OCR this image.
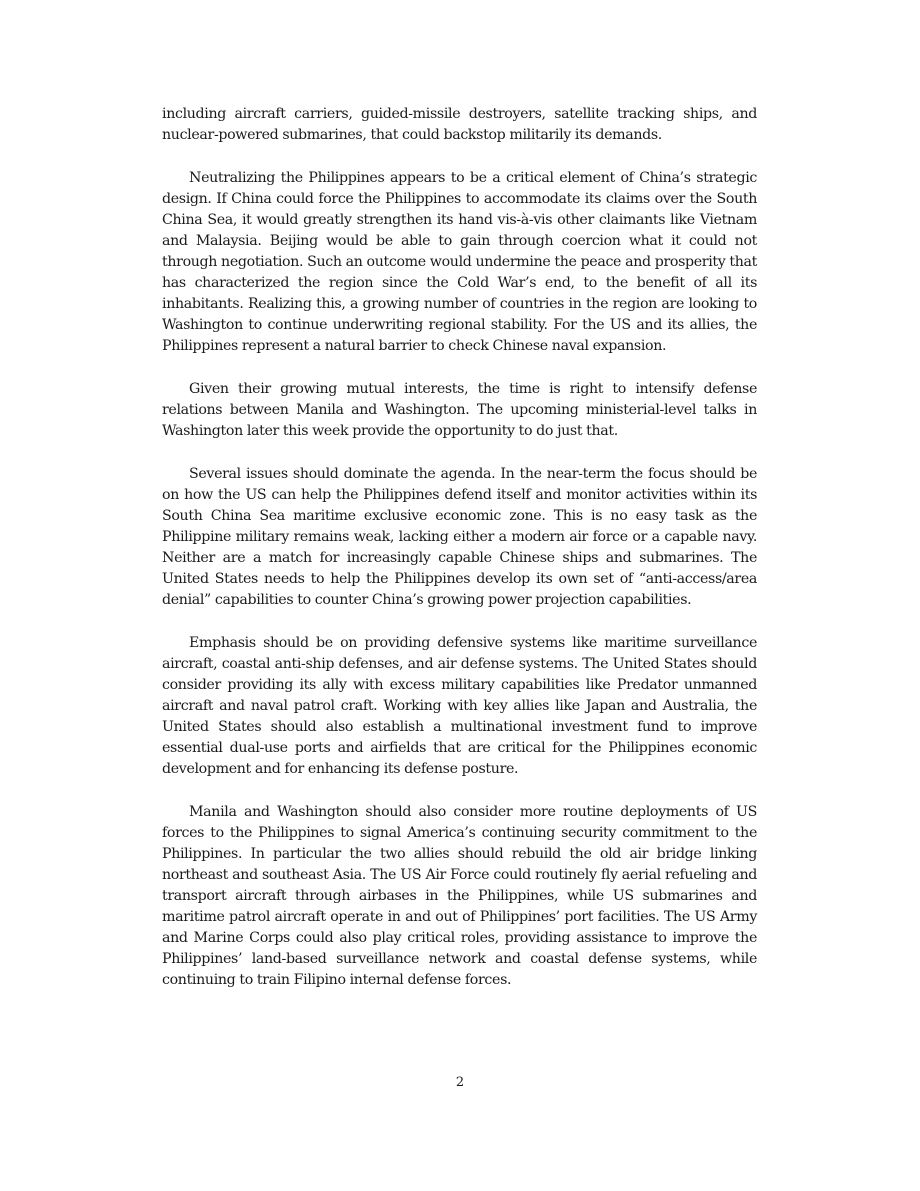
including aircraft carriers, guided-missile destroyers, satellite tracking ships, and nuclear-powered submarines, that could backstop militarily its demands.

Neutralizing the Philippines appears to be a critical element of China’s strategic design. If China could force the Philippines to accommodate its claims over the South China Sea, it would greatly strengthen its hand vis-à-vis other claimants like Vietnam and Malaysia. Beijing would be able to gain through coercion what it could not through negotiation. Such an outcome would undermine the peace and prosperity that has characterized the region since the Cold War’s end, to the benefit of all its inhabitants. Realizing this, a growing number of countries in the region are looking to Washington to continue underwriting regional stability. For the US and its allies, the Philippines represent a natural barrier to check Chinese naval expansion.

Given their growing mutual interests, the time is right to intensify defense relations between Manila and Washington. The upcoming ministerial-level talks in Washington later this week provide the opportunity to do just that.

Several issues should dominate the agenda. In the near-term the focus should be on how the US can help the Philippines defend itself and monitor activities within its South China Sea maritime exclusive economic zone. This is no easy task as the Philippine military remains weak, lacking either a modern air force or a capable navy. Neither are a match for increasingly capable Chinese ships and submarines. The United States needs to help the Philippines develop its own set of “anti-access/area denial” capabilities to counter China’s growing power projection capabilities.

Emphasis should be on providing defensive systems like maritime surveillance aircraft, coastal anti-ship defenses, and air defense systems. The United States should consider providing its ally with excess military capabilities like Predator unmanned aircraft and naval patrol craft. Working with key allies like Japan and Australia, the United States should also establish a multinational investment fund to improve essential dual-use ports and airfields that are critical for the Philippines economic development and for enhancing its defense posture.

Manila and Washington should also consider more routine deployments of US forces to the Philippines to signal America’s continuing security commitment to the Philippines. In particular the two allies should rebuild the old air bridge linking northeast and southeast Asia. The US Air Force could routinely fly aerial refueling and transport aircraft through airbases in the Philippines, while US submarines and maritime patrol aircraft operate in and out of Philippines’ port facilities. The US Army and Marine Corps could also play critical roles, providing assistance to improve the Philippines’ land-based surveillance network and coastal defense systems, while continuing to train Filipino internal defense forces.

2
